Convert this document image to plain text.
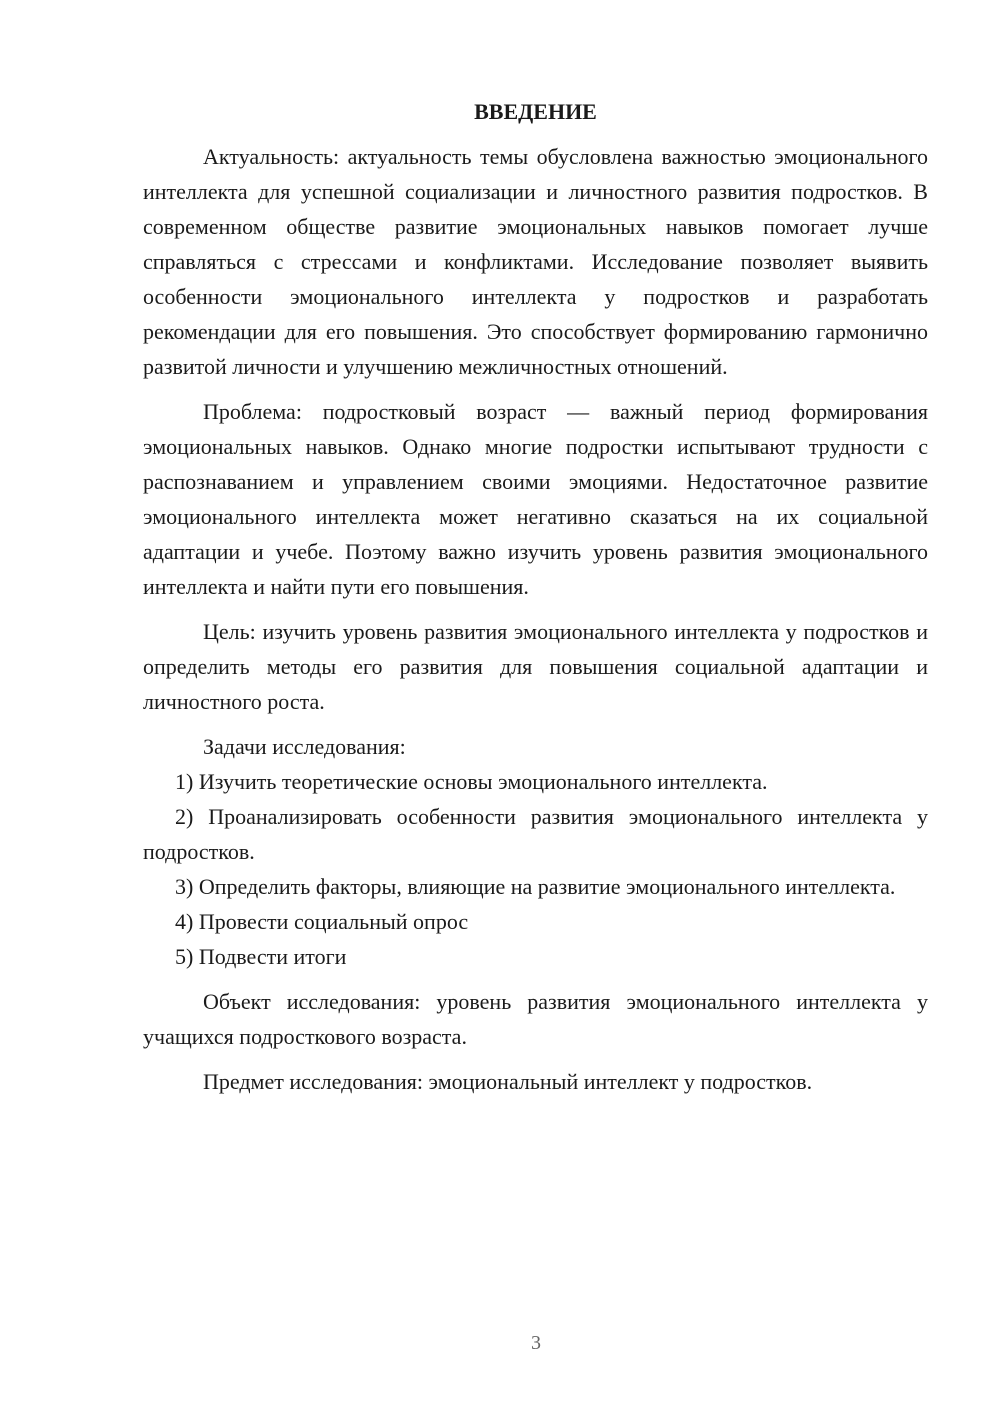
ВВЕДЕНИЕ

Актуальность: актуальность темы обусловлена важностью эмоционального интеллекта для успешной социализации и личностного развития подростков. В современном обществе развитие эмоциональных навыков помогает лучше справляться с стрессами и конфликтами. Исследование позволяет выявить особенности эмоционального интеллекта у подростков и разработать рекомендации для его повышения. Это способствует формированию гармонично развитой личности и улучшению межличностных отношений.

Проблема: подростковый возраст — важный период формирования эмоциональных навыков. Однако многие подростки испытывают трудности с распознаванием и управлением своими эмоциями. Недостаточное развитие эмоционального интеллекта может негативно сказаться на их социальной адаптации и учебе. Поэтому важно изучить уровень развития эмоционального интеллекта и найти пути его повышения.

Цель: изучить уровень развития эмоционального интеллекта у подростков и определить методы его развития для повышения социальной адаптации и личностного роста.

Задачи исследования:

1) Изучить теоретические основы эмоционального интеллекта.

2) Проанализировать особенности развития эмоционального интеллекта у подростков.

3) Определить факторы, влияющие на развитие эмоционального интеллекта.

4) Провести социальный опрос

5) Подвести итоги

Объект исследования: уровень развития эмоционального интеллекта у учащихся подросткового возраста.

Предмет исследования: эмоциональный интеллект у подростков.

3
